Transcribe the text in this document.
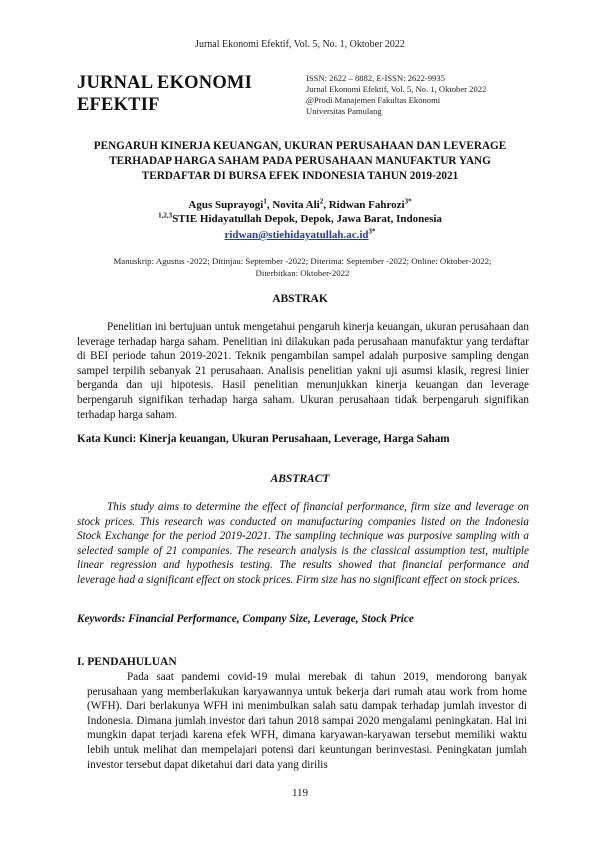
Jurnal Ekonomi Efektif, Vol. 5, No. 1, Oktober 2022
JURNAL EKONOMI
EFEKTIF
ISSN: 2622 – 8882, E-ISSN: 2622-9935
Jurnal Ekonomi Efektif, Vol. 5, No. 1, Oktober 2022
@Prodi Manajemen Fakultas Ekonomi
Universitas Pamulang
PENGARUH KINERJA KEUANGAN, UKURAN PERUSAHAAN DAN LEVERAGE
TERHADAP HARGA SAHAM PADA PERUSAHAAN MANUFAKTUR YANG
TERDAFTAR DI BURSA EFEK INDONESIA TAHUN 2019-2021
Agus Suprayogi$^1$, Novita Ali$^2$, Ridwan Fahrozi$^{3*}$
$^{1,2,3}$STIE Hidayatullah Depok, Depok, Jawa Barat, Indonesia
$ridwan@stiehidayatullah.ac.id^{3*}$
Manuskrip: Agustus -2022; Ditinjau: September -2022; Diterima: September -2022; Online: Oktober-2022;
Diterbitkan: Oktober-2022
ABSTRAK
Penelitian ini bertujuan untuk mengetahui pengaruh kinerja keuangan, ukuran perusahaan dan leverage terhadap harga saham. Penelitian ini dilakukan pada perusahaan manufaktur yang terdaftar di BEI periode tahun 2019-2021. Teknik pengambilan sampel adalah purposive sampling dengan sampel terpilih sebanyak 21 perusahaan. Analisis penelitian yakni uji asumsi klasik, regresi linier berganda dan uji hipotesis. Hasil penelitian menunjukkan kinerja keuangan dan leverage berpengaruh signifikan terhadap harga saham. Ukuran perusahaan tidak berpengaruh signifikan terhadap harga saham.
Kata Kunci: Kinerja keuangan, Ukuran Perusahaan, Leverage, Harga Saham
ABSTRACT
This study aims to determine the effect of financial performance, firm size and leverage on stock prices. This research was conducted on manufacturing companies listed on the Indonesia Stock Exchange for the period 2019-2021. The sampling technique was purposive sampling with a selected sample of 21 companies. The research analysis is the classical assumption test, multiple linear regression and hypothesis testing. The results showed that financial performance and leverage had a significant effect on stock prices. Firm size has no significant effect on stock prices.
Keywords: Financial Performance, Company Size, Leverage, Stock Price
I. PENDAHULUAN
Pada saat pandemi covid-19 mulai merebak di tahun 2019, mendorong banyak perusahaan yang memberlakukan karyawannya untuk bekerja dari rumah atau work from home (WFH). Dari berlakunya WFH ini menimbulkan salah satu dampak terhadap jumlah investor di Indonesia. Dimana jumlah investor dari tahun 2018 sampai 2020 mengalami peningkatan. Hal ini mungkin dapat terjadi karena efek WFH, dimana karyawan-karyawan tersebut memiliki waktu lebih untuk melihat dan mempelajari potensi dari keuntungan berinvestasi. Peningkatan jumlah investor tersebut dapat diketahui dari data yang dirilis
119
